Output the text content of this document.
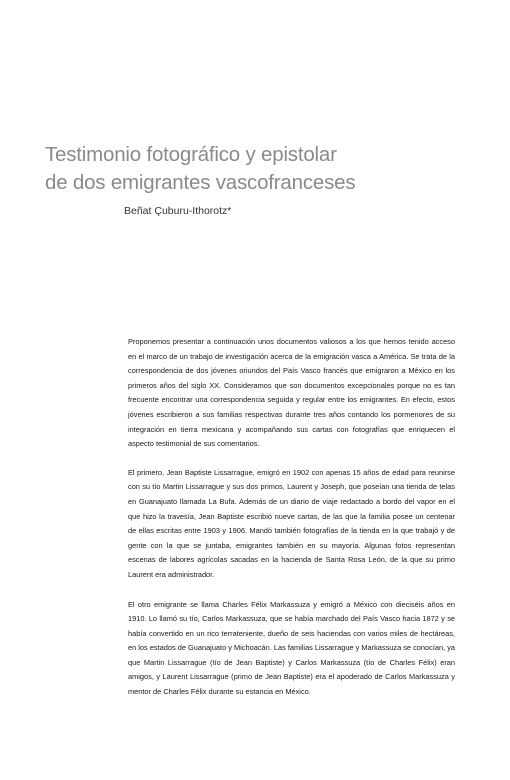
Testimonio fotográfico y epistolar
de dos emigrantes vascofranceses
Beñat Çuburu-Ithorotz*

Proponemos presentar a continuación unos documentos valiosos a los que hemos tenido acceso en el marco de un trabajo de investigación acerca de la emigración vasca a América. Se trata de la correspondencia de dos jóvenes oriundos del País Vasco francés que emigraron a México en los primeros años del siglo XX. Consideramos que son documentos excepcionales porque no es tan frecuente encontrar una correspondencia seguida y regular entre los emigrantes. En efecto, estos jóvenes escribieron a sus familias respectivas durante tres años contando los pormenores de su integración en tierra mexicana y acompañando sus cartas con fotografías que enriquecen el aspecto testimonial de sus comentarios.

El primero, Jean Baptiste Lissarrague, emigró en 1902 con apenas 15 años de edad para reunirse con su tío Martin Lissarrague y sus dos primos, Laurent y Joseph, que poseían una tienda de telas en Guanajuato llamada La Bufa. Además de un diario de viaje redactado a bordo del vapor en el que hizo la travesía, Jean Baptiste escribió nueve cartas, de las que la familia posee un centenar de ellas escritas entre 1903 y 1906. Mandó también fotografías de la tienda en la que trabajó y de gente con la que se juntaba, emigrantes también en su mayoría. Algunas fotos representan escenas de labores agrícolas sacadas en la hacienda de Santa Rosa León, de la que su primo Laurent era administrador.

El otro emigrante se llama Charles Félix Markassuza y emigró a México con dieciséis años en 1910. Lo llamó su tío, Carlos Markassuza, que se había marchado del País Vasco hacia 1872 y se había convertido en un rico terrateniente, dueño de seis haciendas con varios miles de hectáreas, en los estados de Guanajuato y Michoacán. Las familias Lissarrague y Markassuza se conocían, ya que Martin Lissarrague (tío de Jean Baptiste) y Carlos Markassuza (tío de Charles Félix) eran amigos, y Laurent Lissarrague (primo de Jean Baptiste) era el apoderado de Carlos Markassuza y mentor de Charles Félix durante su estancia en México.
